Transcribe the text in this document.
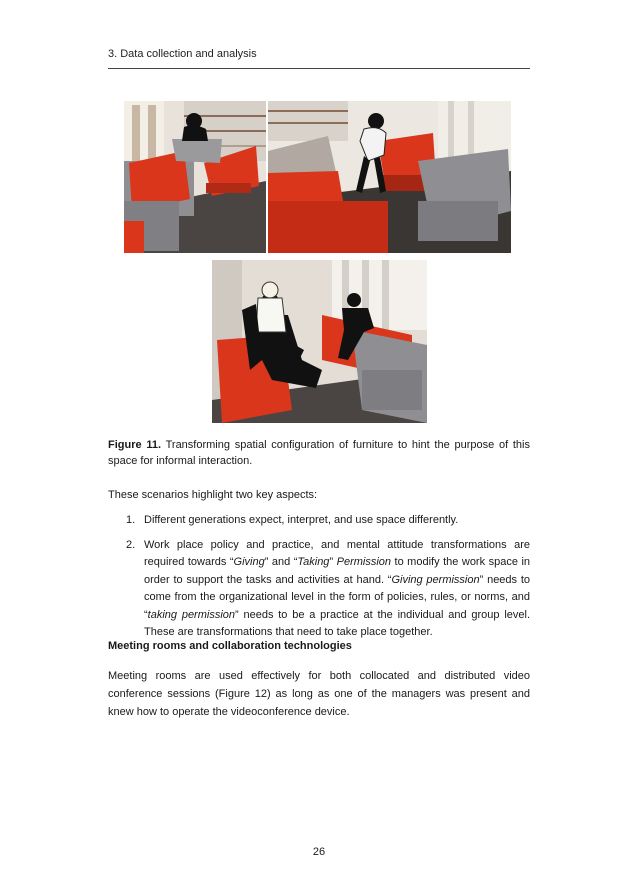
3. Data collection and analysis
Figure 11. Transforming spatial configuration of furniture to hint the purpose of this space for informal interaction.
These scenarios highlight two key aspects:
1. Different generations expect, interpret, and use space differently.
2. Work place policy and practice, and mental attitude transformations are required towards “Giving” and “Taking” Permission to modify the work space in order to support the tasks and activities at hand. “Giving permission” needs to come from the organizational level in the form of policies, rules, or norms, and “taking permission” needs to be a practice at the individual and group level. These are transformations that need to take place together.
Meeting rooms and collaboration technologies
Meeting rooms are used effectively for both collocated and distributed video conference sessions (Figure 12) as long as one of the managers was present and knew how to operate the videoconference device.
26
